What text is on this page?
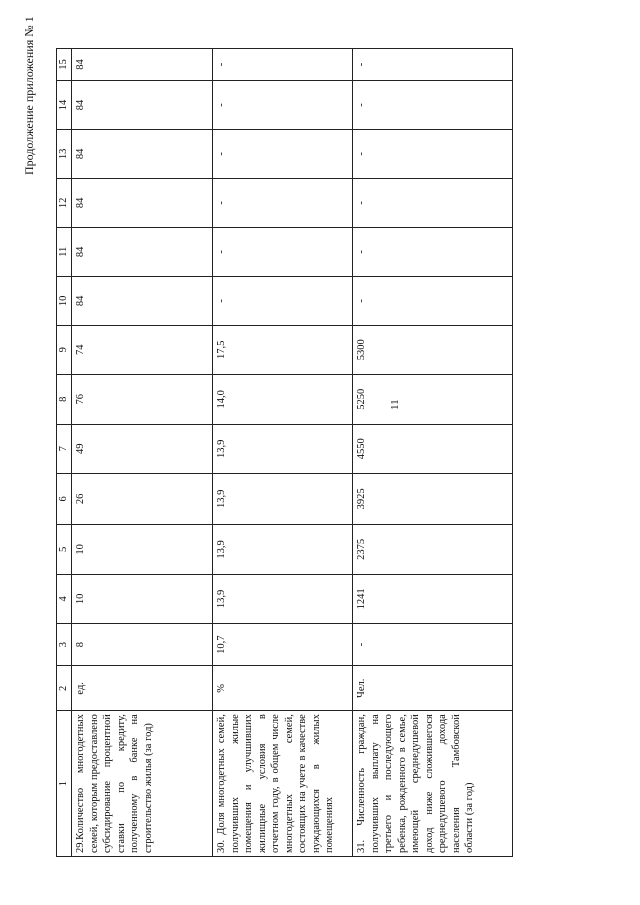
11
Продолжение приложения № 1
1	2	3	4	5	6	7	8	9	10	11	12	13	14	15
29.Количество многодетных семей, которым предоставлено субсидирование процентной ставки по кредиту, полученному в банке на строительство жилья (за год)	ед.	8	10	10	26	49	76	74	84	84	84	84	84	84
30. Доля многодетных семей, получивших жилые помещения и улучшивших жилищные условия в отчетном году, в общем числе многодетных семей, состоящих на учете в качестве нуждающихся в жилых помещениях	%	10,7	13,9	13,9	13,9	13,9	14,0	17,5	-	-	-	-	-	-
31. Численность граждан, получивших выплату на третьего и последующего ребенка, рожденного в семье, имеющей среднедушевой доход ниже сложившегося среднедушевого дохода населения Тамбовской области (за год)	Чел.	-	1241	2375	3925	4550	5250	5300	-	-	-	-	-	-
